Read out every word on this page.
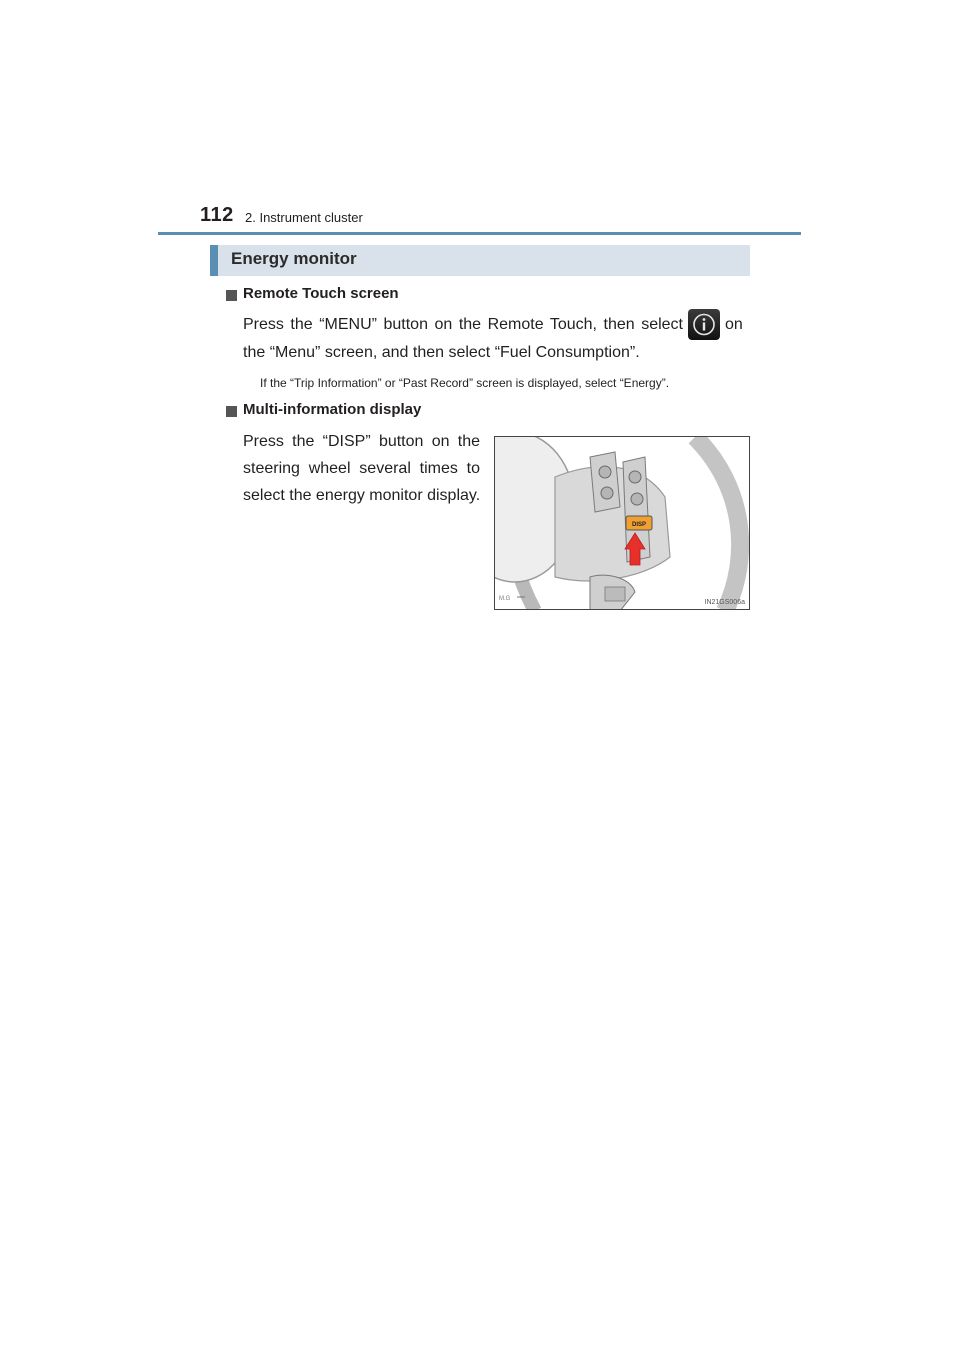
112 2. Instrument cluster
Energy monitor
Remote Touch screen
Press the “MENU” button on the Remote Touch, then select	on
the “Menu” screen, and then select “Fuel Consumption”.
If the “Trip Information” or “Past Record” screen is displayed, select “Energy”.
Multi-information display
Press the “DISP” button on the
steering wheel several times to
select the energy monitor display.
DISP
M.G	IN21GS006a
